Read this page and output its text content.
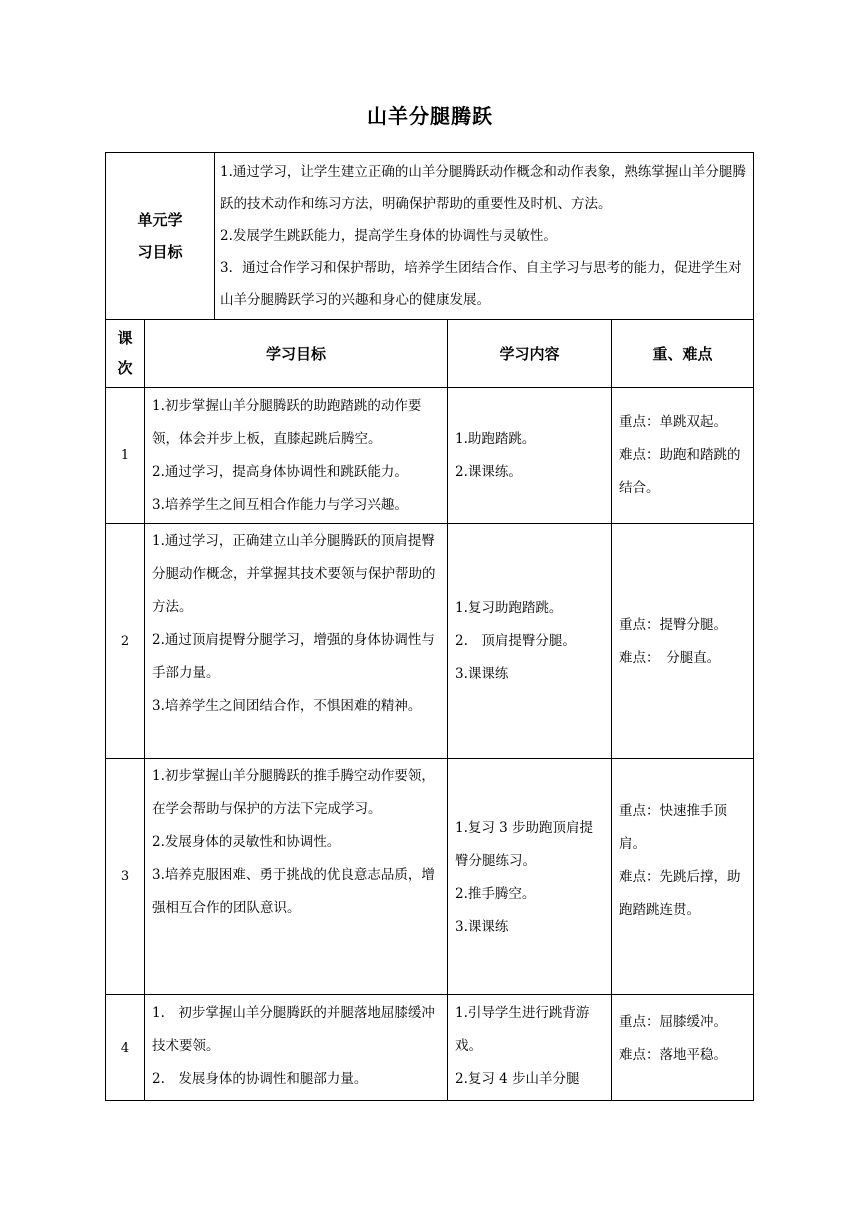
山羊分腿腾跃
单元学
习目标

1.通过学习，让学生建立正确的山羊分腿腾跃动作概念和动作表象，熟练掌握山羊分腿腾跃的技术动作和练习方法，明确保护帮助的重要性及时机、方法。

2.发展学生跳跃能力，提高学生身体的协调性与灵敏性。

3．通过合作学习和保护帮助，培养学生团结合作、自主学习与思考的能力，促进学生对山羊分腿腾跃学习的兴趣和身心的健康发展。

课
次
学习目标	学习内容	重、难点
1

1.初步掌握山羊分腿腾跃的助跑踏跳的动作要领，体会并步上板，直膝起跳后腾空。

2.通过学习，提高身体协调性和跳跃能力。

3.培养学生之间互相合作能力与学习兴趣。

1.助跑踏跳。

2.课课练。

重点：单跳双起。

难点：助跑和踏跳的结合。

2

1.通过学习，正确建立山羊分腿腾跃的顶肩提臀分腿动作概念，并掌握其技术要领与保护帮助的方法。

2.通过顶肩提臀分腿学习，增强的身体协调性与手部力量。

3.培养学生之间团结合作，不惧困难的精神。

1.复习助跑踏跳。

2.　顶肩提臀分腿。

3.课课练

重点：提臀分腿。

难点：　分腿直。

3

1.初步掌握山羊分腿腾跃的推手腾空动作要领，在学会帮助与保护的方法下完成学习。

2.发展身体的灵敏性和协调性。

3.培养克服困难、勇于挑战的优良意志品质，增强相互合作的团队意识。

1.复习 3 步助跑顶肩提臀分腿练习。

2.推手腾空。

3.课课练

重点：快速推手顶肩。

难点：先跳后撑，助跑踏跳连贯。

4

1.　初步掌握山羊分腿腾跃的并腿落地屈膝缓冲技术要领。

2.　发展身体的协调性和腿部力量。

1.引导学生进行跳背游戏。

2.复习 4 步山羊分腿

重点：屈膝缓冲。

难点：落地平稳。
